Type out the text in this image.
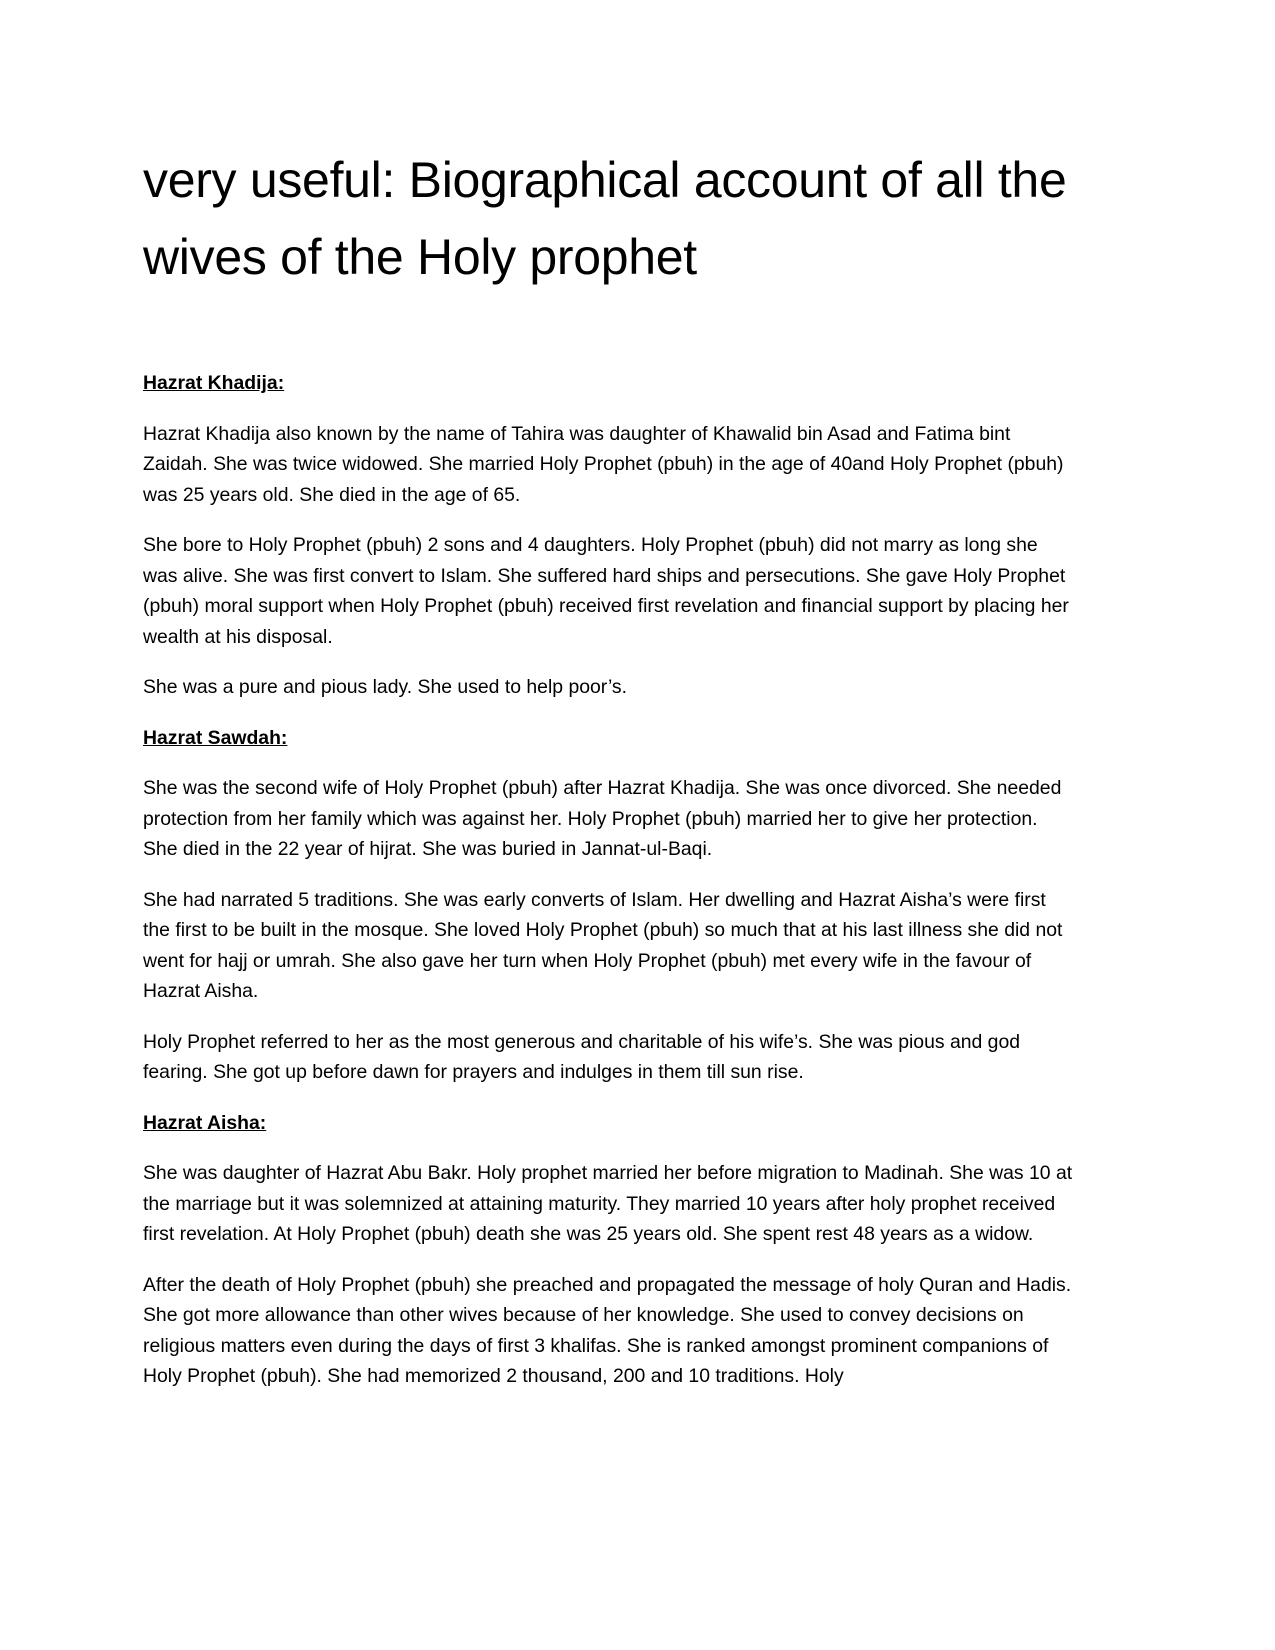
very useful: Biographical account of all the wives of the Holy prophet
Hazrat Khadija:

Hazrat Khadija also known by the name of Tahira was daughter of Khawalid bin Asad and Fatima bint Zaidah. She was twice widowed. She married Holy Prophet (pbuh) in the age of 40and Holy Prophet (pbuh) was 25 years old. She died in the age of 65.

She bore to Holy Prophet (pbuh) 2 sons and 4 daughters. Holy Prophet (pbuh) did not marry as long she was alive. She was first convert to Islam. She suffered hard ships and persecutions. She gave Holy Prophet (pbuh) moral support when Holy Prophet (pbuh) received first revelation and financial support by placing her wealth at his disposal.

She was a pure and pious lady. She used to help poor’s.

Hazrat Sawdah:

She was the second wife of Holy Prophet (pbuh) after Hazrat Khadija. She was once divorced. She needed protection from her family which was against her. Holy Prophet (pbuh) married her to give her protection. She died in the 22 year of hijrat. She was buried in Jannat-ul-Baqi.

She had narrated 5 traditions. She was early converts of Islam. Her dwelling and Hazrat Aisha’s were first the first to be built in the mosque. She loved Holy Prophet (pbuh) so much that at his last illness she did not went for hajj or umrah. She also gave her turn when Holy Prophet (pbuh) met every wife in the favour of Hazrat Aisha.

Holy Prophet referred to her as the most generous and charitable of his wife’s. She was pious and god fearing. She got up before dawn for prayers and indulges in them till sun rise.

Hazrat Aisha:

She was daughter of Hazrat Abu Bakr. Holy prophet married her before migration to Madinah. She was 10 at the marriage but it was solemnized at attaining maturity. They married 10 years after holy prophet received first revelation. At Holy Prophet (pbuh) death she was 25 years old. She spent rest 48 years as a widow.

After the death of Holy Prophet (pbuh) she preached and propagated the message of holy Quran and Hadis. She got more allowance than other wives because of her knowledge. She used to convey decisions on religious matters even during the days of first 3 khalifas. She is ranked amongst prominent companions of Holy Prophet (pbuh). She had memorized 2 thousand, 200 and 10 traditions. Holy
